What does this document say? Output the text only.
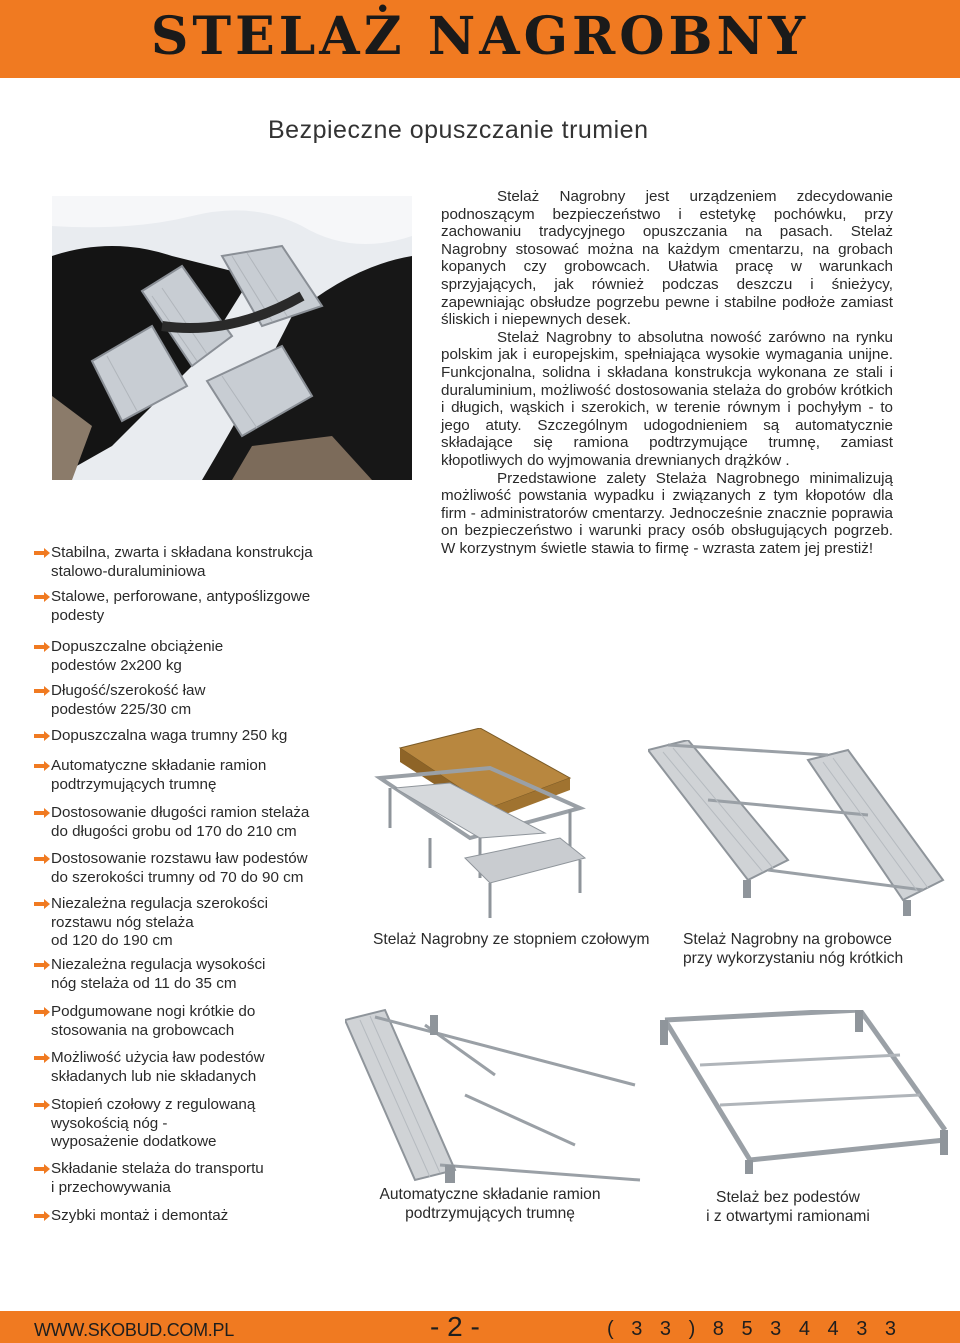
STELAŻ NAGROBNY
Bezpieczne opuszczanie trumien

Stelaż Nagrobny jest urządzeniem zdecydowanie podnoszącym bezpieczeństwo i estetykę pochówku, przy zachowaniu tradycyjnego opuszczania na pasach. Stelaż Nagrobny stosować można na każdym cmentarzu, na grobach kopanych czy grobowcach. Ułatwia pracę w warunkach sprzyjających, jak również podczas deszczu i śnieżycy, zapewniając obsłudze pogrzebu pewne i stabilne podłoże zamiast śliskich i niepewnych desek.

Stelaż Nagrobny to absolutna nowość zarówno na rynku polskim jak i europejskim, spełniająca wysokie wymagania unijne. Funkcjonalna, solidna i składana konstrukcja wykonana ze stali i duraluminium, możliwość dostosowania stelaża do grobów krótkich i długich, wąskich i szerokich, w terenie równym i pochyłym - to jego atuty. Szczególnym udogodnieniem są automatycznie składające się ramiona podtrzymujące trumnę, zamiast kłopotliwych do wyjmowania drewnianych drążków .

Przedstawione zalety Stelaża Nagrobnego minimalizują możliwość powstania wypadku i związanych z tym kłopotów dla firm - administratorów cmentarzy. Jednocześnie znacznie poprawia on bezpieczeństwo i warunki pracy osób obsługujących pogrzeb. W korzystnym świetle stawia to firmę - wzrasta zatem jej prestiż!

Stabilna, zwarta i składana konstrukcja
stalowo-duraluminiowa
Stalowe, perforowane, antypoślizgowe
podesty
Dopuszczalne obciążenie
podestów 2x200 kg
Długość/szerokość ław
podestów 225/30 cm
Dopuszczalna waga trumny 250 kg
Automatyczne składanie ramion
podtrzymujących trumnę
Dostosowanie długości ramion stelaża
do długości grobu od 170 do 210 cm
Dostosowanie rozstawu ław podestów
do szerokości trumny od 70 do 90 cm
Niezależna regulacja szerokości
rozstawu nóg stelaża
od 120 do 190 cm
Niezależna regulacja wysokości
nóg stelaża od 11 do 35 cm
Podgumowane nogi krótkie do
stosowania na grobowcach
Możliwość użycia ław podestów
składanych lub nie składanych
Stopień czołowy z regulowaną
wysokością nóg -
wyposażenie dodatkowe
Składanie stelaża do transportu
i przechowywania
Szybki montaż i demontaż
Stelaż Nagrobny ze stopniem czołowym Stelaż Nagrobny na grobowce
przy wykorzystaniu nóg krótkich
Automatyczne składanie ramion
podtrzymujących trumnę
Stelaż bez podestów
i z otwartymi ramionami
WWW.SKOBUD.COM.PL	- 2 -	( 3 3 ) 8 5 3 4 4 3 3
